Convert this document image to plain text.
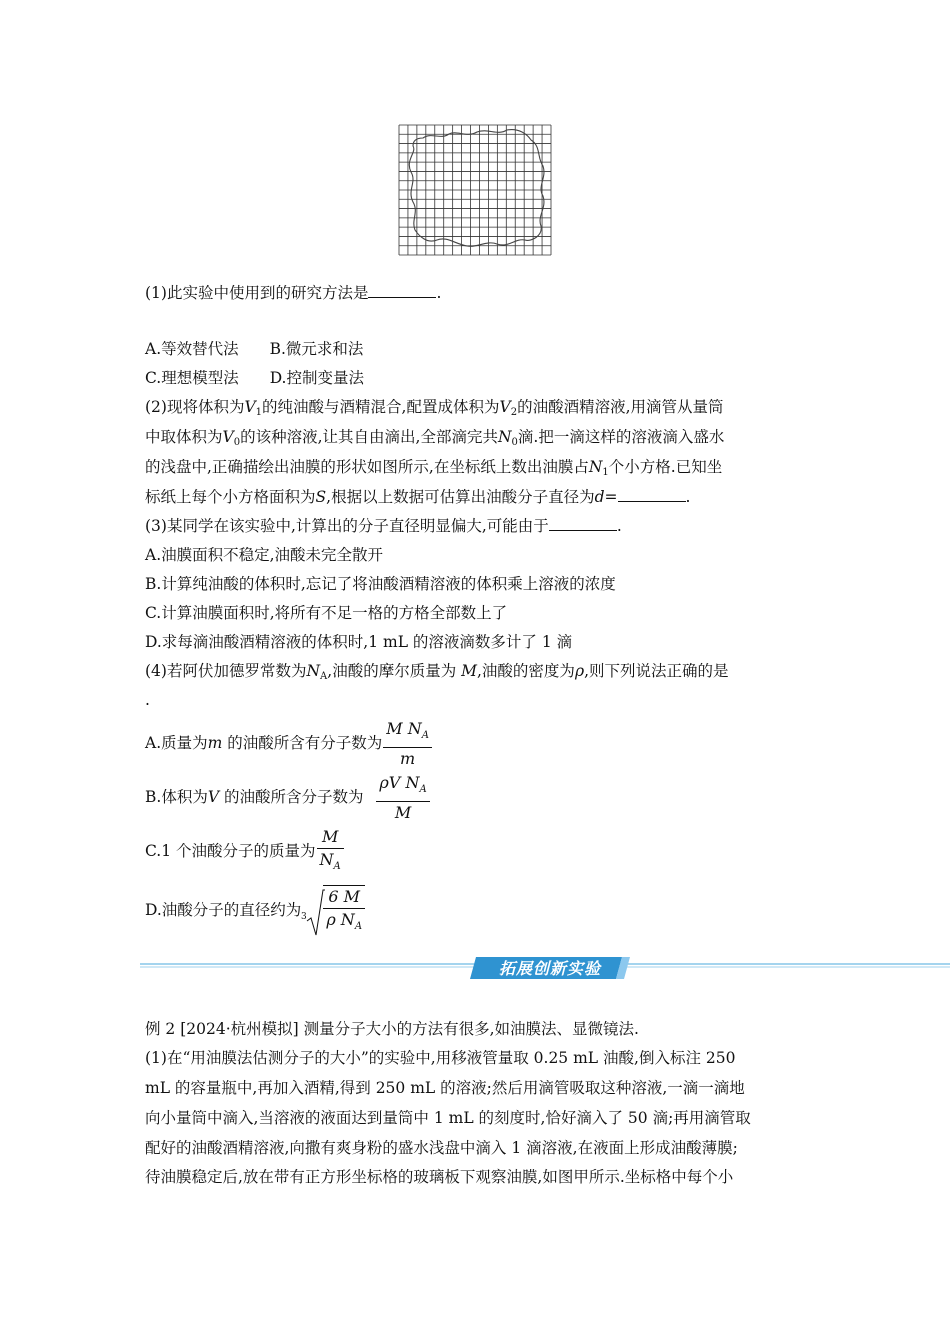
(1)此实验中使用到的研究方法是	.
A.等效替代法 B.微元求和法
C.理想模型法 D.控制变量法
(2)现将体积为$V_1$的纯油酸与酒精混合,配置成体积为$V_2$的油酸酒精溶液,用滴管从量筒
中取体积为$V_0$的该种溶液,让其自由滴出,全部滴完共$N_0$滴.把一滴这样的溶液滴入盛水
的浅盘中,正确描绘出油膜的形状如图所示,在坐标纸上数出油膜占$N_1$个小方格.已知坐
标纸上每个小方格面积为S,根据以上数据可估算出油酸分子直径为d=	.
(3)某同学在该实验中,计算出的分子直径明显偏大,可能由于	.
A.油膜面积不稳定,油酸未完全散开
B.计算纯油酸的体积时,忘记了将油酸酒精溶液的体积乘上溶液的浓度
C.计算油膜面积时,将所有不足一格的方格全部数上了
D.求每滴油酸酒精溶液的体积时,1 mL 的溶液滴数多计了 1 滴
(4)若阿伏加德罗常数为$N_A$,油酸的摩尔质量为 M,油酸的密度为ρ,则下列说法正确的是
.
A.质量为m 的油酸所含有分子数为 $\frac{M N_A}{m}$
B.体积为V 的油酸所含分子数为 $\frac{\rho V N_A}{M}$
C.1 个油酸分子的质量为 $\frac{M}{N_A}$
D.油酸分子的直径约为 $3 \frac{6 M}{\rho N_A}$
拓展创新实验
例 2 [2024·杭州模拟] 测量分子大小的方法有很多,如油膜法、显微镜法.
(1)在“用油膜法估测分子的大小”的实验中,用移液管量取 0.25 mL 油酸,倒入标注 250
mL 的容量瓶中,再加入酒精,得到 250 mL 的溶液;然后用滴管吸取这种溶液,一滴一滴地
向小量筒中滴入,当溶液的液面达到量筒中 1 mL 的刻度时,恰好滴入了 50 滴;再用滴管取
配好的油酸酒精溶液,向撒有爽身粉的盛水浅盘中滴入 1 滴溶液,在液面上形成油酸薄膜;
待油膜稳定后,放在带有正方形坐标格的玻璃板下观察油膜,如图甲所示.坐标格中每个小
